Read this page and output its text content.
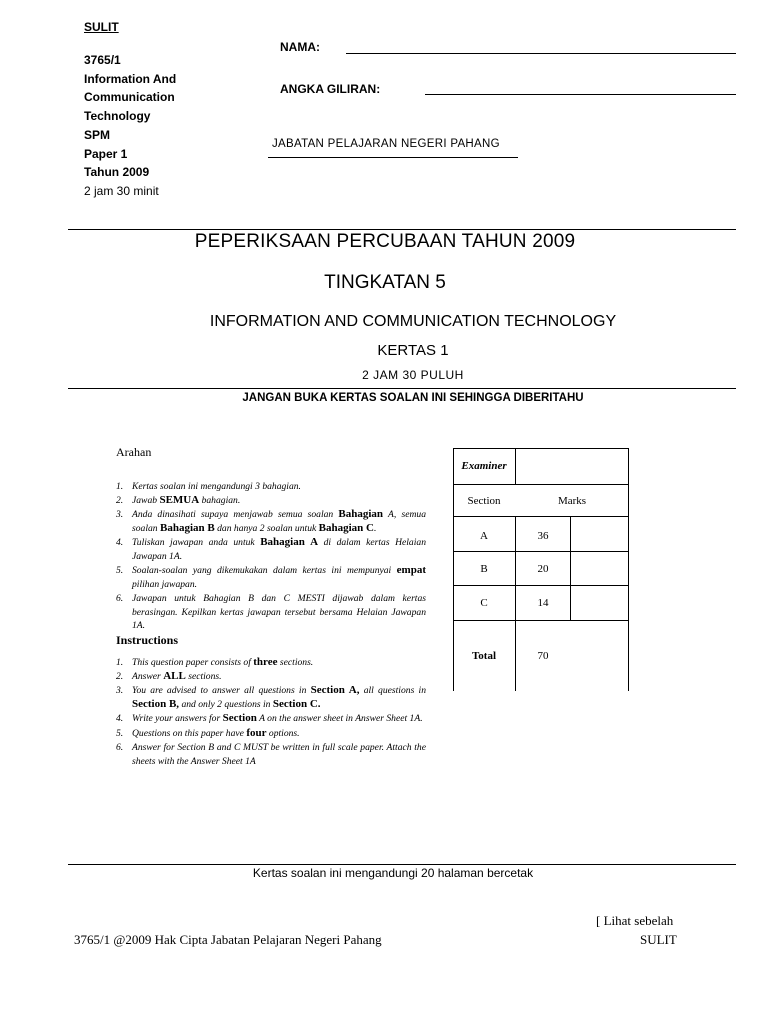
SULIT
3765/1
Information And
Communication
Technology
SPM
Paper 1
Tahun 2009
2 jam 30 minit
NAMA:
ANGKA GILIRAN:
JABATAN PELAJARAN NEGERI PAHANG
PEPERIKSAAN PERCUBAAN TAHUN 2009
TINGKATAN 5
INFORMATION AND COMMUNICATION TECHNOLOGY
KERTAS 1
2 JAM 30 PULUH
JANGAN BUKA KERTAS SOALAN INI SEHINGGA DIBERITAHU
Arahan
1. Kertas soalan ini mengandungi 3 bahagian.
2. Jawab SEMUA bahagian.
3. Anda dinasihati supaya menjawab semua soalan Bahagian A, semua soalan Bahagian B dan hanya 2 soalan untuk Bahagian C.
4. Tuliskan jawapan anda untuk Bahagian A di dalam kertas Helaian Jawapan 1A.
5. Soalan-soalan yang dikemukakan dalam kertas ini mempunyai empat pilihan jawapan.
6. Jawapan untuk Bahagian B dan C MESTI dijawab dalam kertas berasingan. Kepilkan kertas jawapan tersebut bersama Helaian Jawapan 1A.
Instructions
1. This question paper consists of three sections.
2. Answer ALL sections.
3. You are advised to answer all questions in Section A, all questions in Section B, and only 2 questions in Section C.
4. Write your answers for Section A on the answer sheet in Answer Sheet 1A.
5. Questions on this paper have four options.
6. Answer for Section B and C MUST be written in full scale paper. Attach the sheets with the Answer Sheet 1A
Examiner
Section	Marks
A	36
B	20
C	14
Total	70
Kertas soalan ini mengandungi 20 halaman bercetak
[ Lihat sebelah
3765/1 @2009 Hak Cipta Jabatan Pelajaran Negeri Pahang	SULIT
